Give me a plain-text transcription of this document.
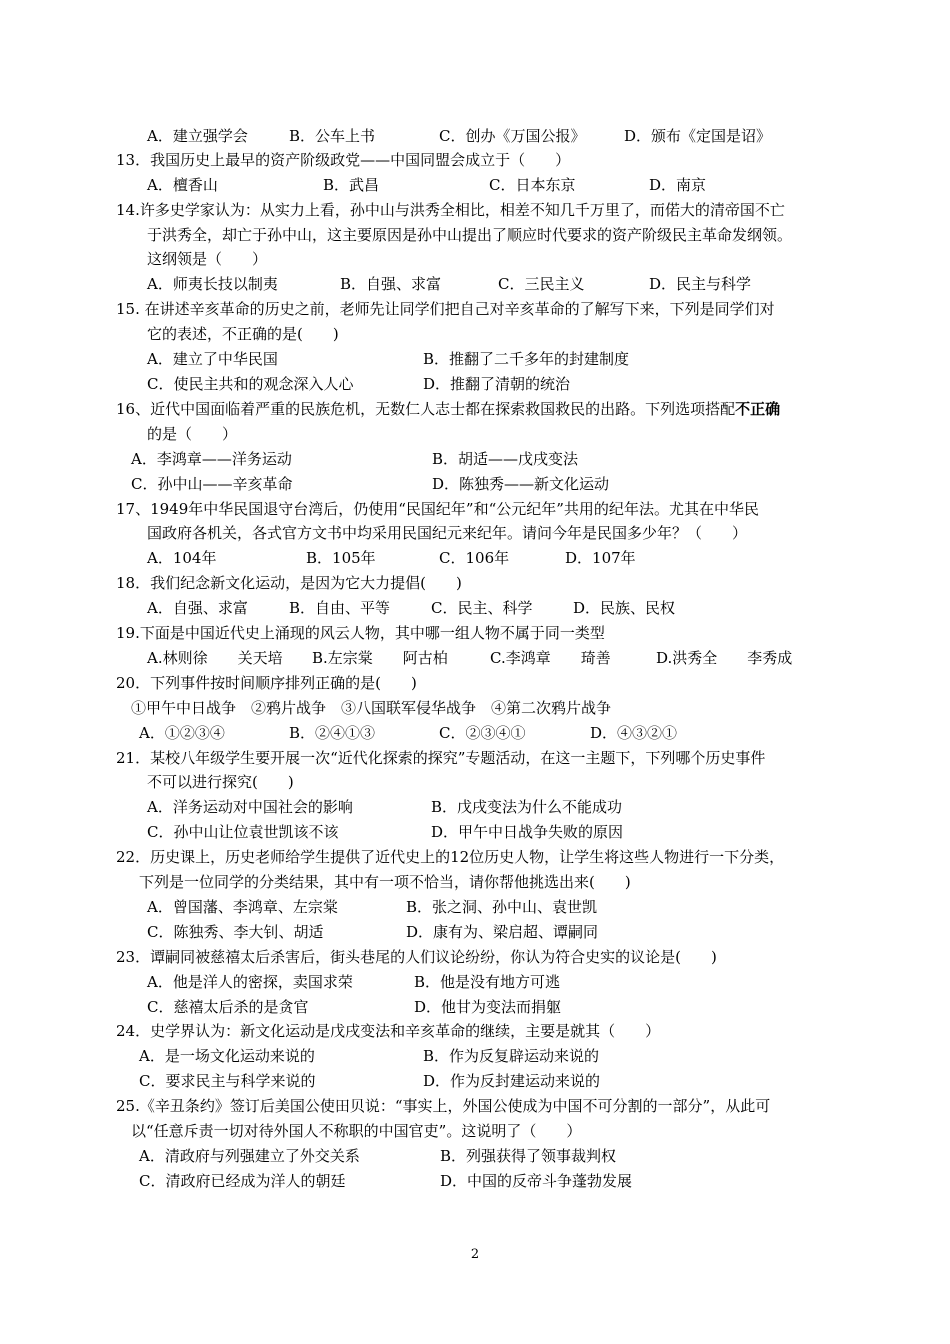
A．建立强学会

	B．公车上书

	C．创办《万国公报》

	D．颁布《定国是诏》

13．我国历史上最早的资产阶级政党——中国同盟会成立于（　　）

A．檀香山

	B．武昌

	C．日本东京

	D．南京

14.许多史学家认为：从实力上看，孙中山与洪秀全相比，相差不知几千万里了，而偌大的清帝国不亡
于洪秀全，却亡于孙中山，这主要原因是孙中山提出了顺应时代要求的资产阶级民主革命发纲领。
这纲领是（　　）

A．师夷长技以制夷

	B．自强、求富

	C．三民主义

	D．民主与科学

15. 在讲述辛亥革命的历史之前，老师先让同学们把自己对辛亥革命的了解写下来，下列是同学们对
它的表述，不正确的是(　　)

A．建立了中华民国

	B．推翻了二千多年的封建制度

C．使民主共和的观念深入人心

	D．推翻了清朝的统治

16、近代中国面临着严重的民族危机，无数仁人志士都在探索救国救民的出路。下列选项搭配不正确
的是（　　）

A．李鸿章——洋务运动

	B．胡适——戊戌变法

C．孙中山——辛亥革命

	D．陈独秀——新文化运动

17、1949年中华民国退守台湾后，仍使用“民国纪年”和“公元纪年”共用的纪年法。尤其在中华民
国政府各机关，各式官方文书中均采用民国纪元来纪年。请问今年是民国多少年？（　　）

A．104年

	B．105年

	C．106年

	D．107年

18．我们纪念新文化运动，是因为它大力提倡(　　)

A．自强、求富

	B．自由、平等

	C．民主、科学

	D．民族、民权

19.下面是中国近代史上涌现的风云人物，其中哪一组人物不属于同一类型

A.林则徐　　关天培

B.左宗棠　　阿古柏

	C.李鸿章　　琦善

	D.洪秀全　　李秀成

20．下列事件按时间顺序排列正确的是(　　)
①甲午中日战争　②鸦片战争　③八国联军侵华战争　④第二次鸦片战争

A．①②③④

	B．②④①③

	C．②③④①

	D．④③②①

21．某校八年级学生要开展一次“近代化探索的探究”专题活动，在这一主题下，下列哪个历史事件
不可以进行探究(　　)

A．洋务运动对中国社会的影响

	B．戊戌变法为什么不能成功

C．孙中山让位袁世凯该不该

	D．甲午中日战争失败的原因

22．历史课上，历史老师给学生提供了近代史上的12位历史人物，让学生将这些人物进行一下分类，
下列是一位同学的分类结果，其中有一项不恰当，请你帮他挑选出来(　　)

A．曾国藩、李鸿章、左宗棠

	B．张之洞、孙中山、袁世凯

C．陈独秀、李大钊、胡适

	D．康有为、梁启超、谭嗣同

23．谭嗣同被慈禧太后杀害后，街头巷尾的人们议论纷纷，你认为符合史实的议论是(　　)

A．他是洋人的密探，卖国求荣

	B．他是没有地方可逃

C．慈禧太后杀的是贪官

	D．他甘为变法而捐躯

24．史学界认为：新文化运动是戊戌变法和辛亥革命的继续，主要是就其（　　）

A．是一场文化运动来说的

	B．作为反复辟运动来说的

C．要求民主与科学来说的

	D．作为反封建运动来说的

25.《辛丑条约》签订后美国公使田贝说：“事实上，外国公使成为中国不可分割的一部分”，从此可
以“任意斥责一切对待外国人不称职的中国官吏”。这说明了（　　）

A．清政府与列强建立了外交关系

	B．列强获得了领事裁判权

C．清政府已经成为洋人的朝廷

	D．中国的反帝斗争蓬勃发展

2
